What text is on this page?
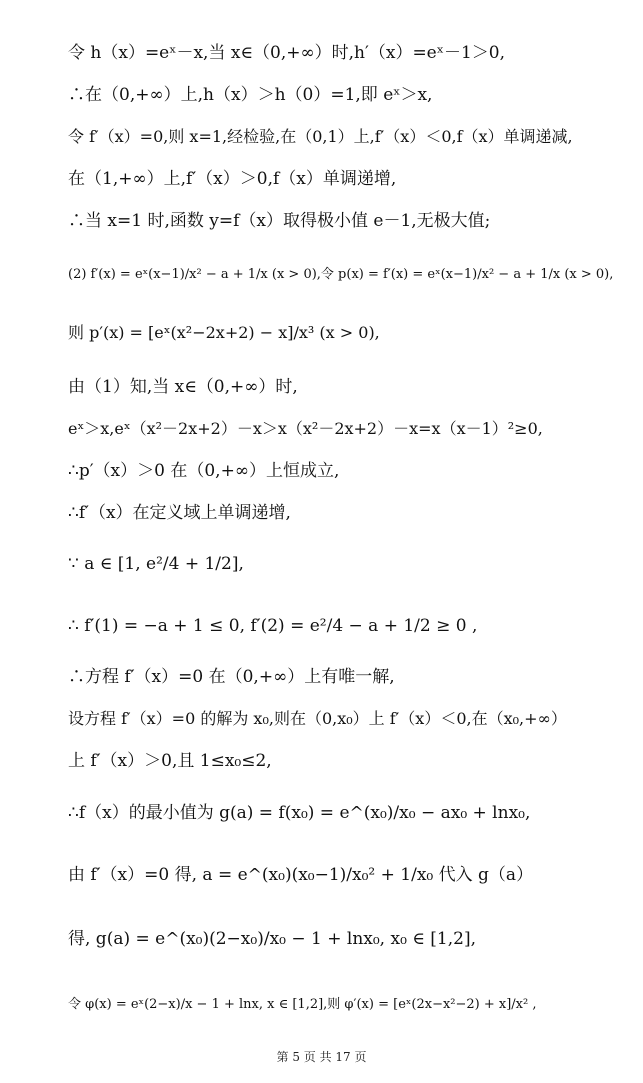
令 h（x）=eˣ－x,当 x∈（0,+∞）时,h′（x）=eˣ－1＞0,
∴在（0,+∞）上,h（x）＞h（0）=1,即 eˣ＞x,
令 f′（x）=0,则 x=1,经检验,在（0,1）上,f′（x）＜0,f（x）单调递减,
在（1,+∞）上,f′（x）＞0,f（x）单调递增,
∴当 x=1 时,函数 y=f（x）取得极小值 e－1,无极大值;
(2) f′(x) = eˣ(x−1)/x² − a + 1/x (x > 0),令 p(x) = f′(x) = eˣ(x−1)/x² − a + 1/x (x > 0),
则 p′(x) = [eˣ(x²−2x+2) − x]/x³ (x > 0),
由（1）知,当 x∈（0,+∞）时,
eˣ＞x,eˣ（x²－2x+2）－x＞x（x²－2x+2）－x=x（x－1）²≥0,
∴p′（x）＞0 在（0,+∞）上恒成立,
∴f′（x）在定义域上单调递增,
∵ a ∈ [1, e²/4 + 1/2],
∴ f′(1) = −a + 1 ≤ 0, f′(2) = e²/4 − a + 1/2 ≥ 0 ,
∴方程 f′（x）=0 在（0,+∞）上有唯一解,
设方程 f′（x）=0 的解为 x₀,则在（0,x₀）上 f′（x）＜0,在（x₀,+∞）
上 f′（x）＞0,且 1≤x₀≤2,
∴f（x）的最小值为 g(a) = f(x₀) = e^(x₀)/x₀ − ax₀ + lnx₀,
由 f′（x）=0 得, a = e^(x₀)(x₀−1)/x₀² + 1/x₀ 代入 g（a）
得, g(a) = e^(x₀)(2−x₀)/x₀ − 1 + lnx₀, x₀ ∈ [1,2],
令 φ(x) = eˣ(2−x)/x − 1 + lnx, x ∈ [1,2],则 φ′(x) = [eˣ(2x−x²−2) + x]/x² ,
第 5 页 共 17 页
